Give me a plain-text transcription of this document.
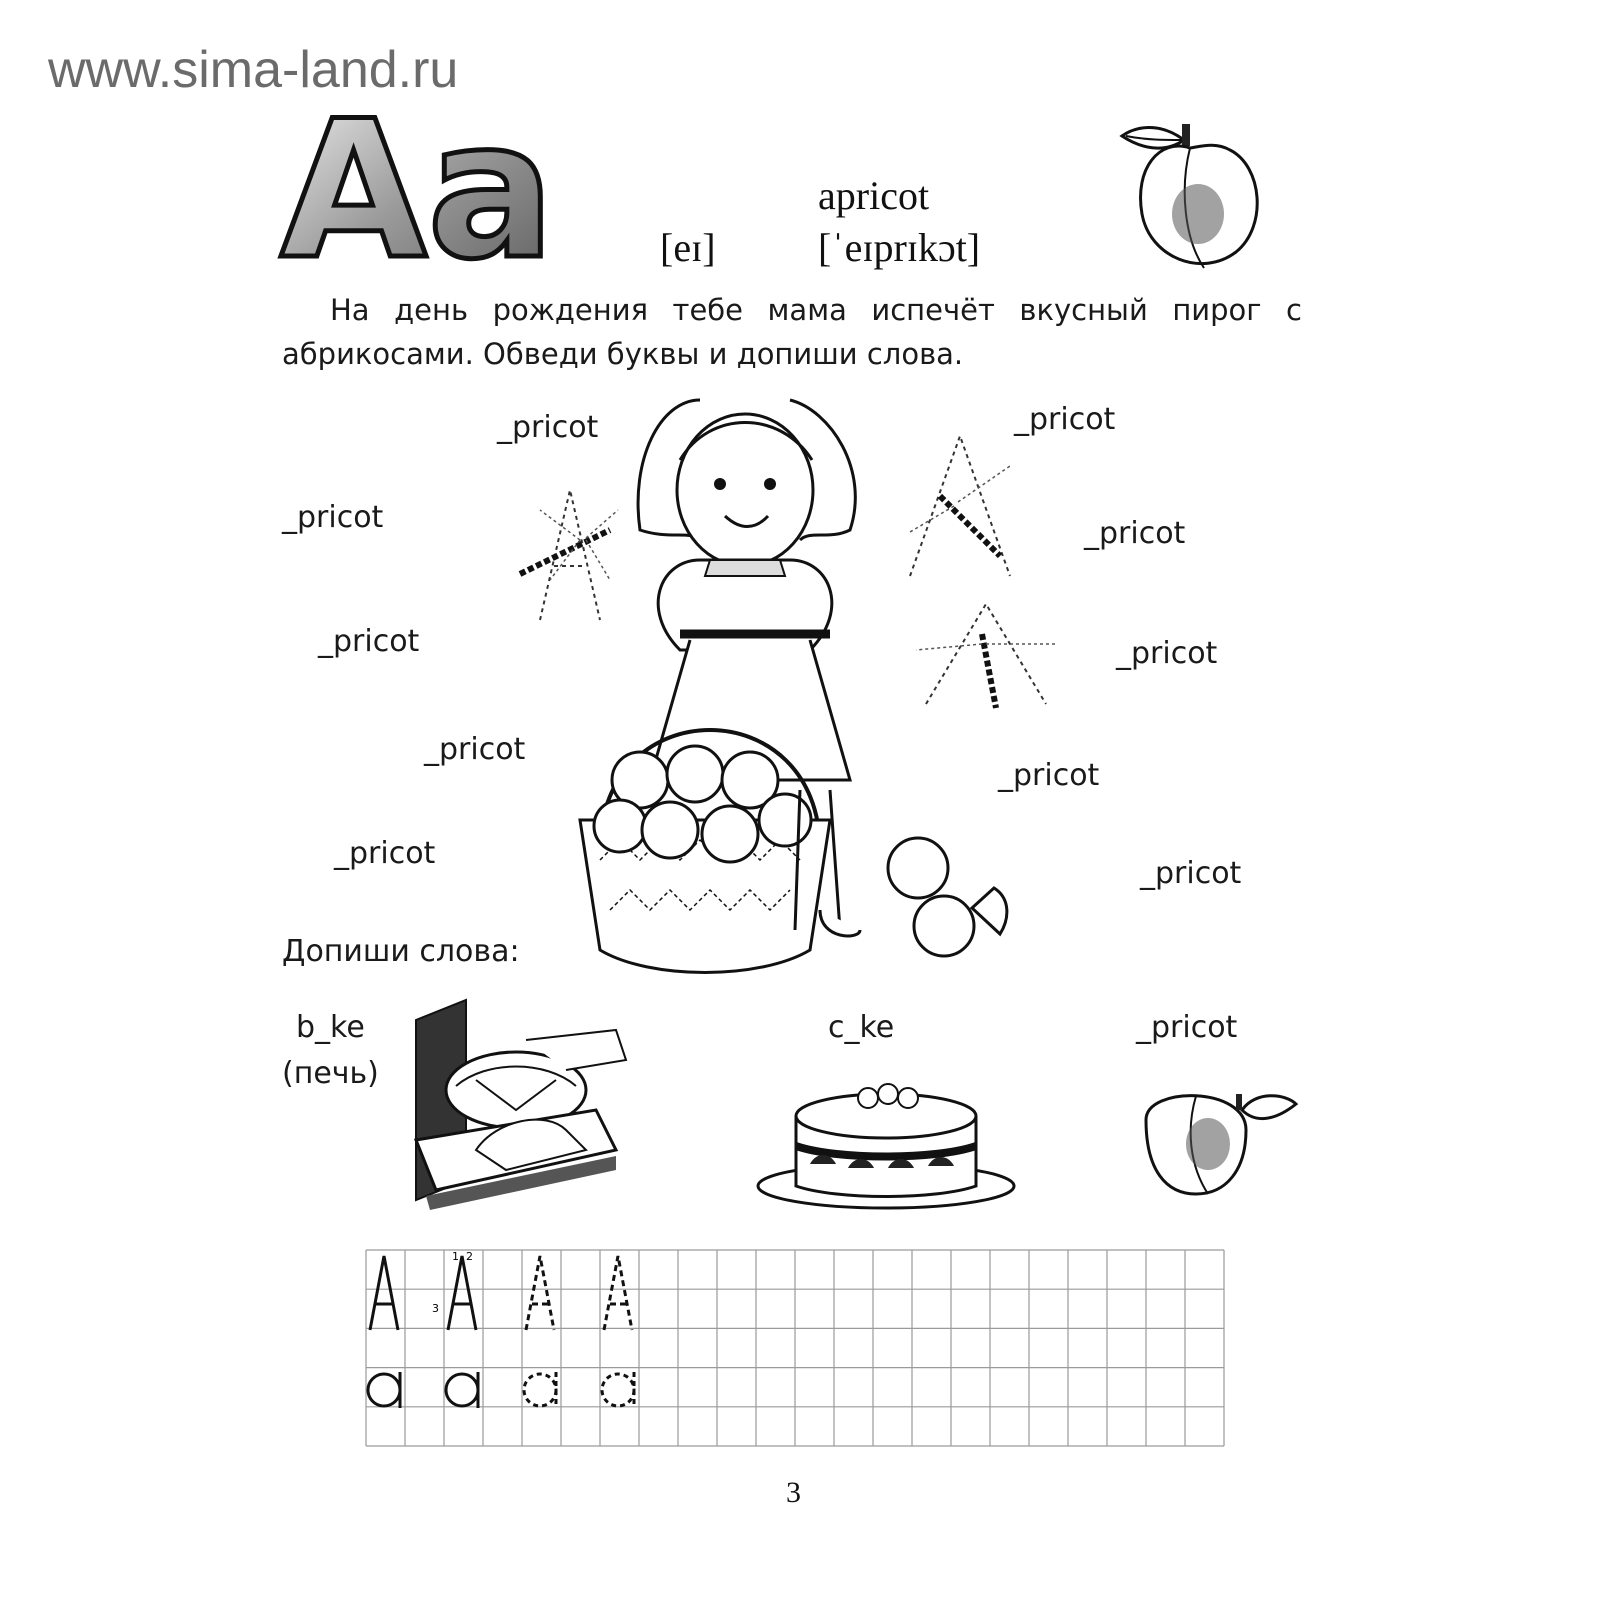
www.sima-land.ru
Aa	apricot
[eɪ]	[ˈeɪprɪkɔt]
На день рождения тебе мама испечёт вкусный пирог с абрикосами. Обведи буквы и допиши слова.
_pricot
_pricot
_pricot
_pricot
_pricot
_pricot
_pricot
_pricot
_pricot
_pricot
Допиши слова:
b_ke
(печь)
c_ke	_pricot
1 2
3
3
